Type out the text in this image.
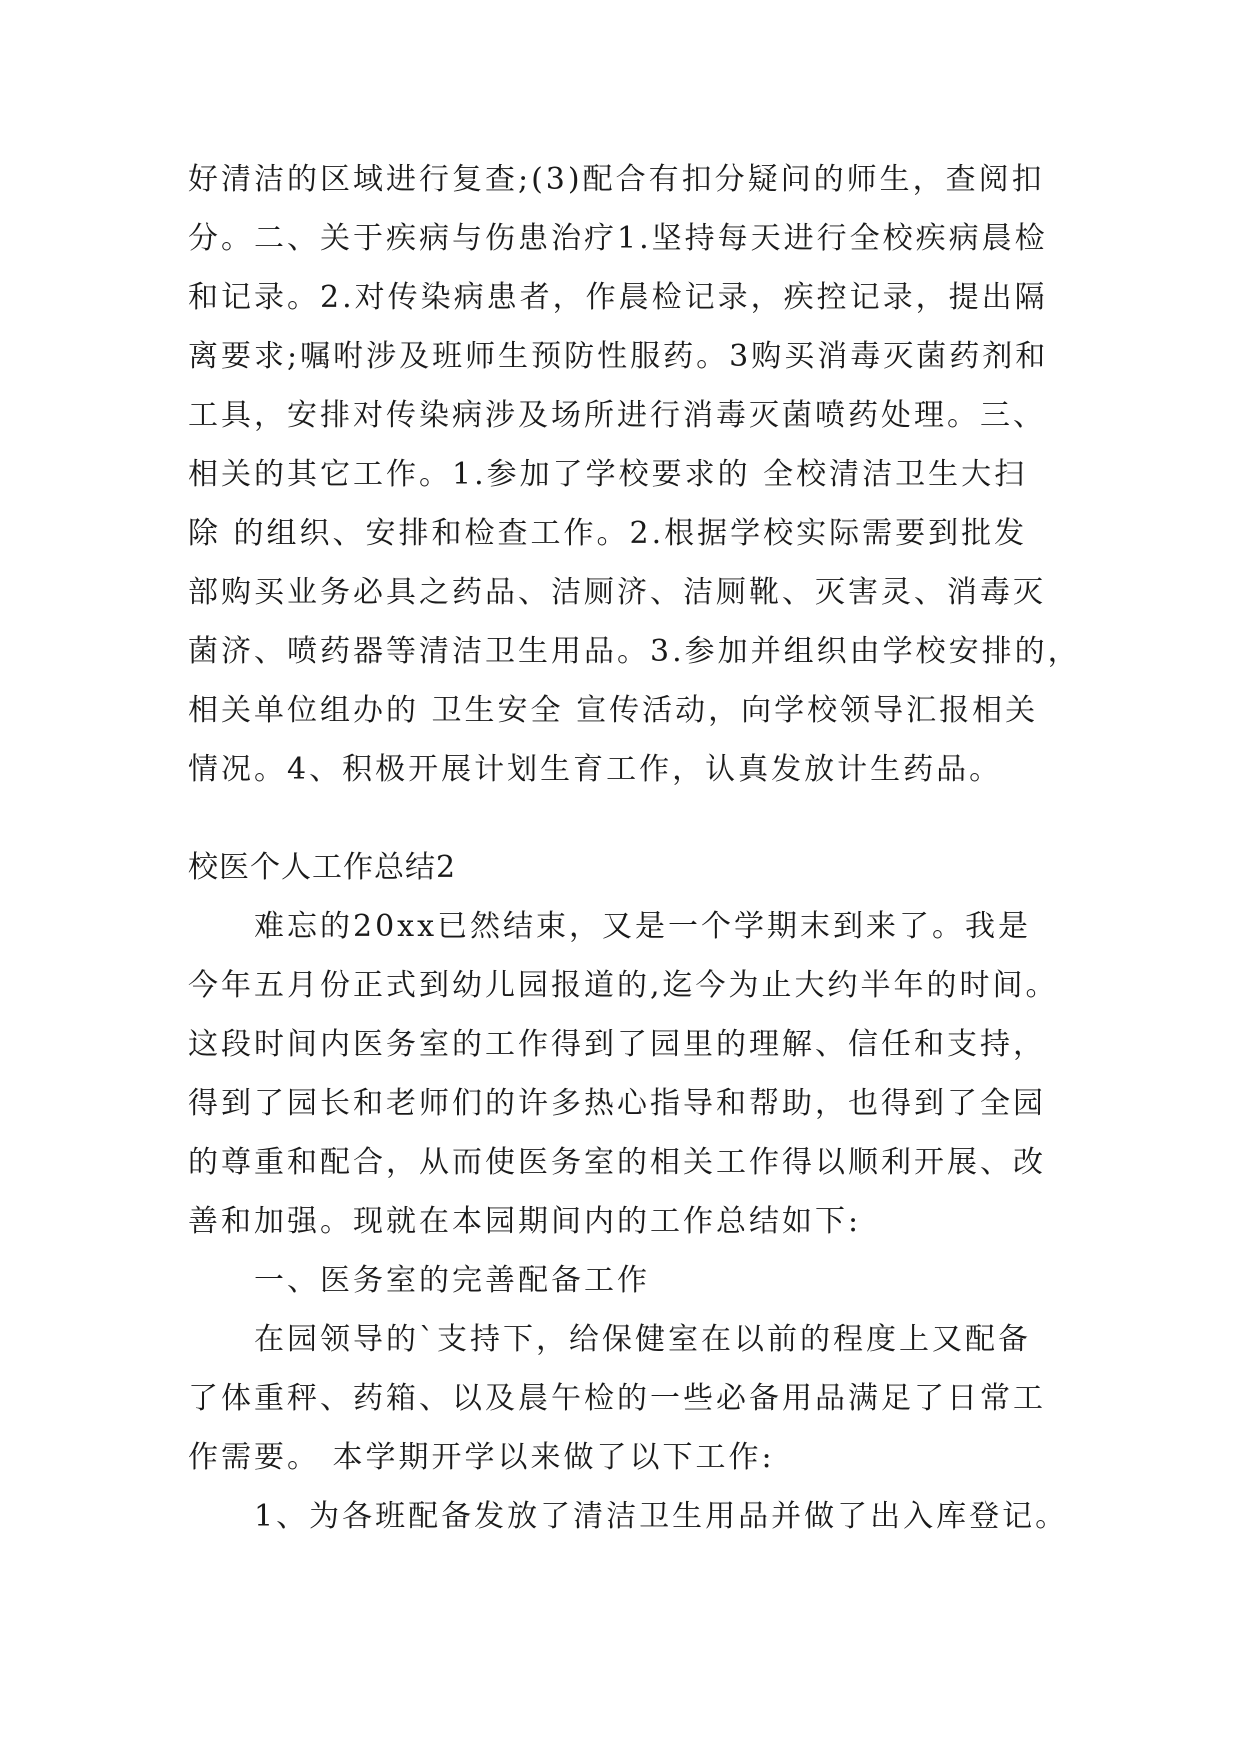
好清洁的区域进行复查;(3)配合有扣分疑问的师生，查阅扣
分。二、关于疾病与伤患治疗1.坚持每天进行全校疾病晨检
和记录。2.对传染病患者，作晨检记录，疾控记录，提出隔
离要求;嘱咐涉及班师生预防性服药。3购买消毒灭菌药剂和
工具，安排对传染病涉及场所进行消毒灭菌喷药处理。三、
相关的其它工作。1.参加了学校要求的 全校清洁卫生大扫
除 的组织、安排和检查工作。2.根据学校实际需要到批发
部购买业务必具之药品、洁厕济、洁厕靴、灭害灵、消毒灭
菌济、喷药器等清洁卫生用品。3.参加并组织由学校安排的，
相关单位组办的 卫生安全 宣传活动，向学校领导汇报相关
情况。4、积极开展计划生育工作，认真发放计生药品。
校医个人工作总结2
难忘的20xx已然结束，又是一个学期末到来了。我是
今年五月份正式到幼儿园报道的,迄今为止大约半年的时间。
这段时间内医务室的工作得到了园里的理解、信任和支持，
得到了园长和老师们的许多热心指导和帮助，也得到了全园
的尊重和配合，从而使医务室的相关工作得以顺利开展、改
善和加强。现就在本园期间内的工作总结如下:
一、医务室的完善配备工作
在园领导的`支持下，给保健室在以前的程度上又配备
了体重秤、药箱、以及晨午检的一些必备用品满足了日常工
作需要。 本学期开学以来做了以下工作:
1、为各班配备发放了清洁卫生用品并做了出入库登记。
